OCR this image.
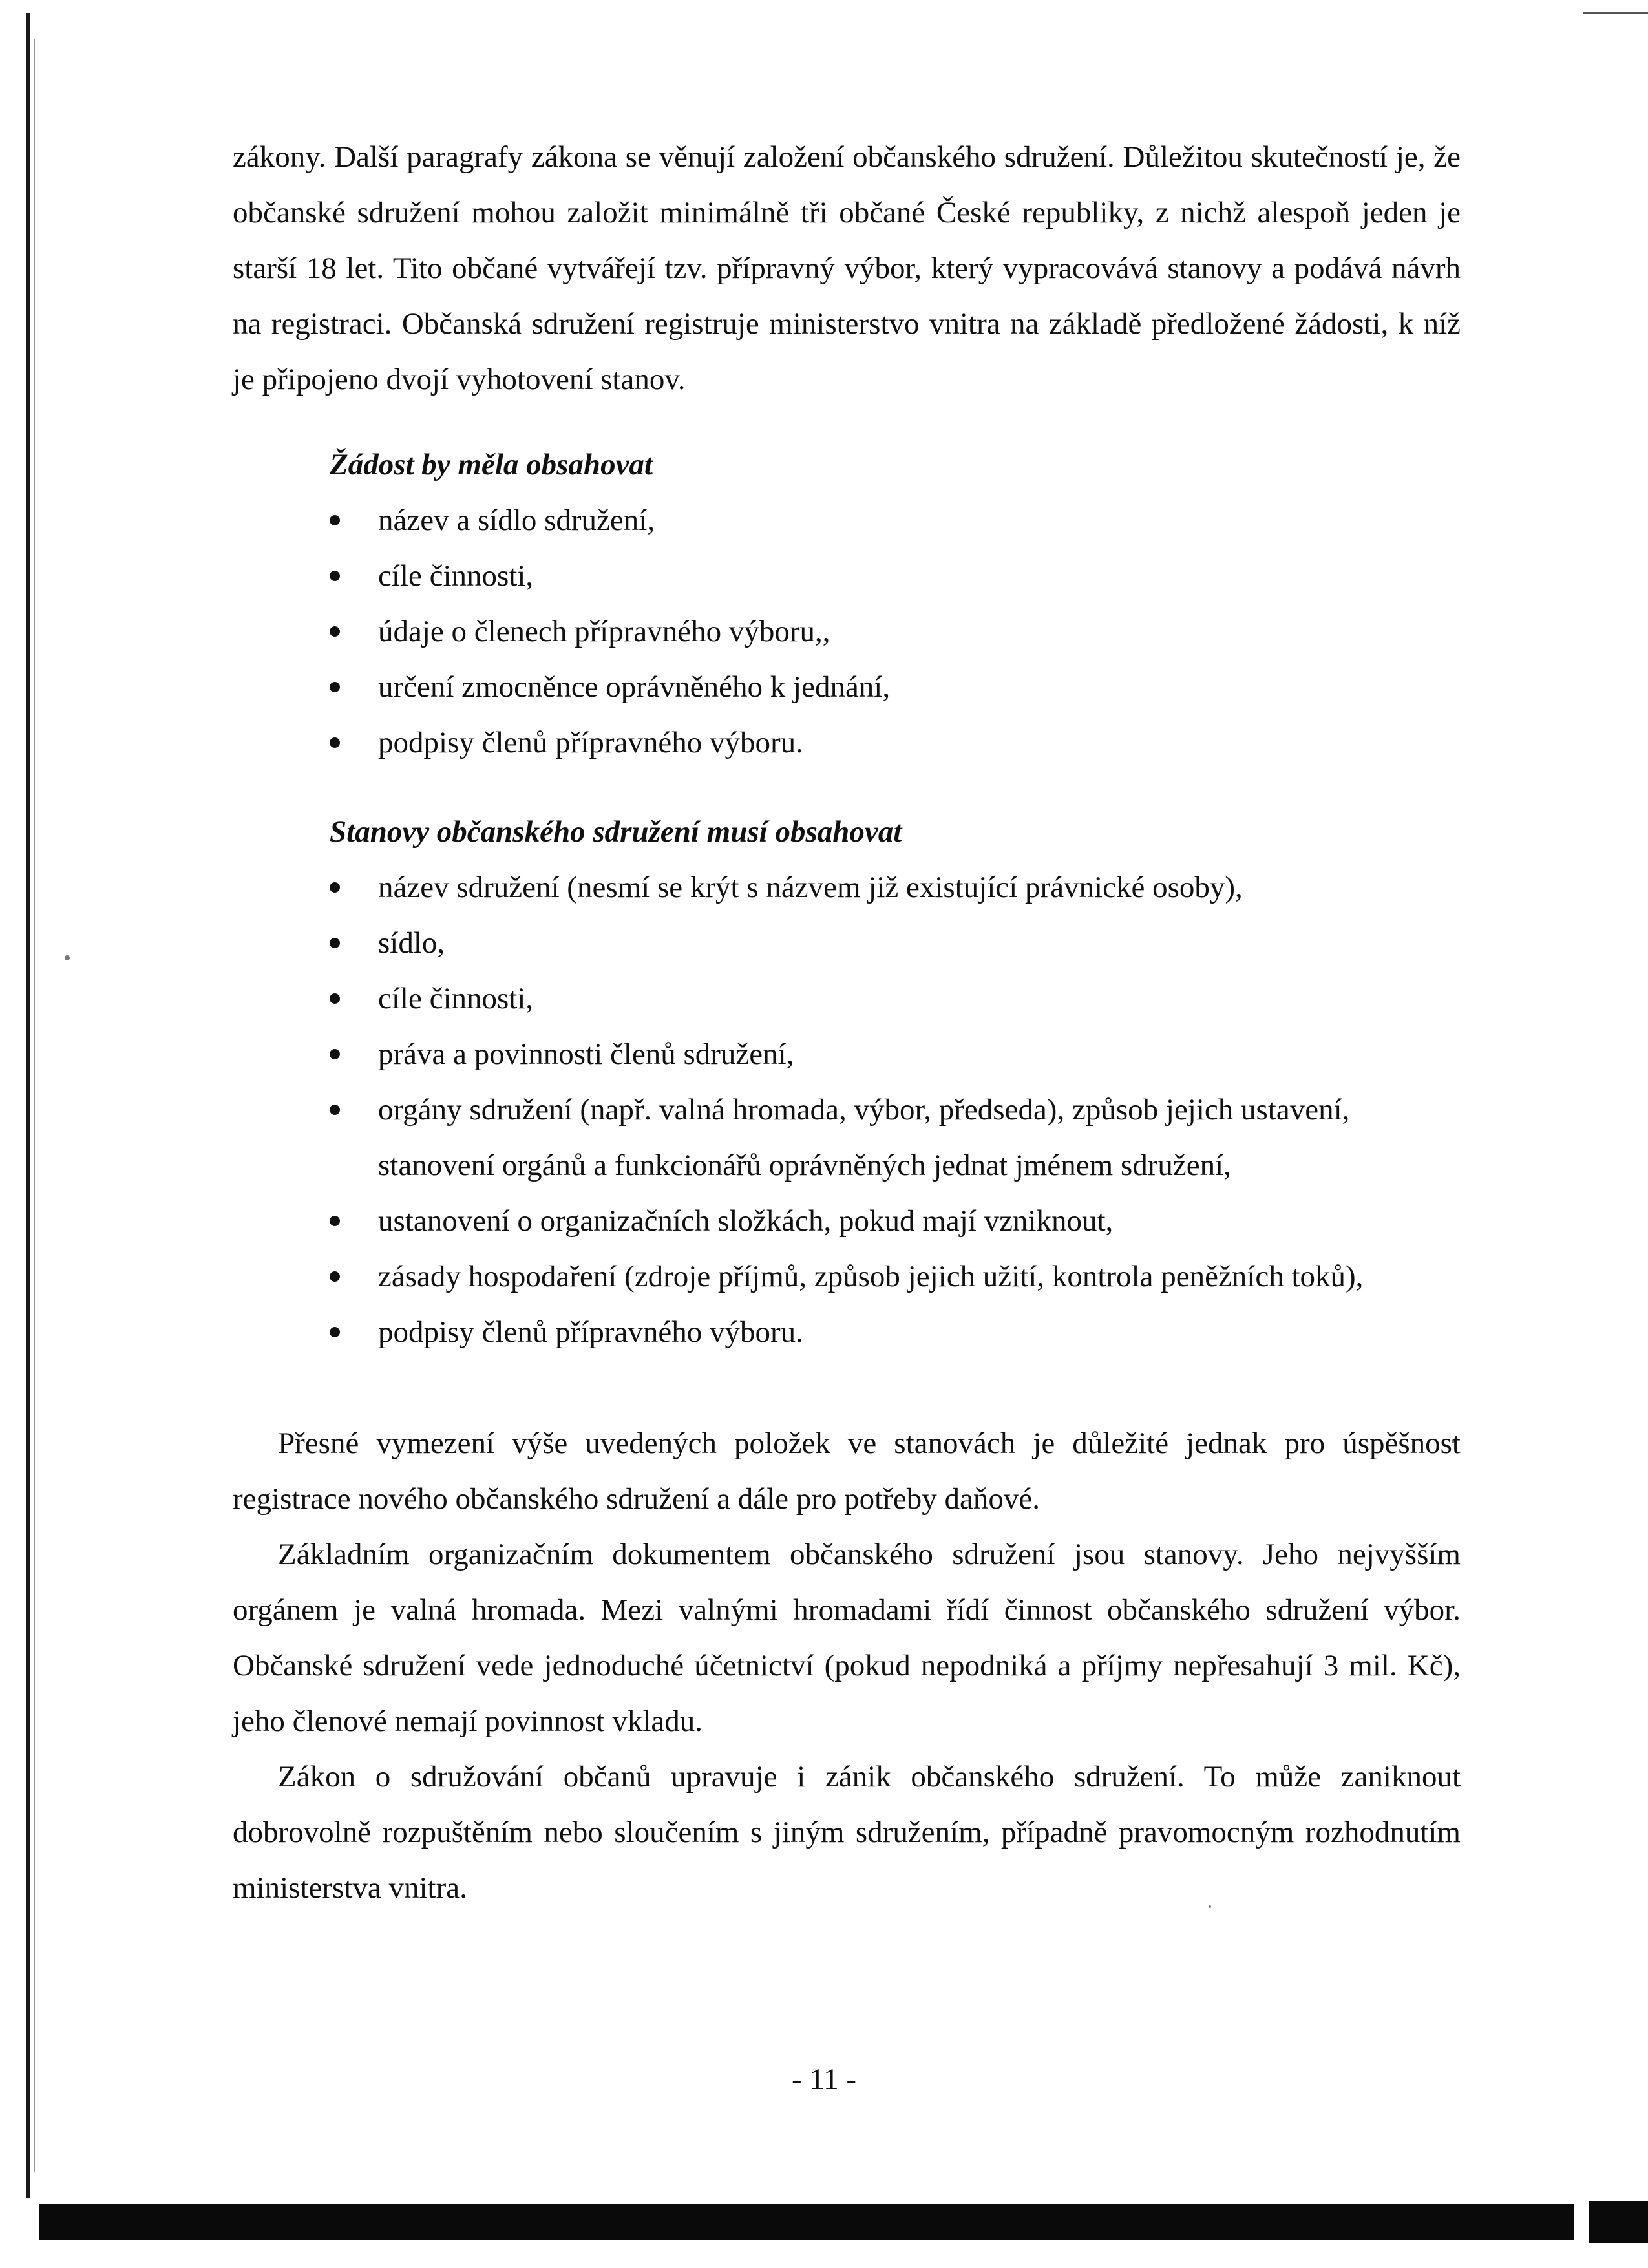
zákony. Další paragrafy zákona se věnují založení občanského sdružení. Důležitou skutečností je, že občanské sdružení mohou založit minimálně tři občané České republiky, z nichž alespoň jeden je starší 18 let. Tito občané vytvářejí tzv. přípravný výbor, který vypracovává stanovy a podává návrh na registraci. Občanská sdružení registruje ministerstvo vnitra na základě předložené žádosti, k níž je připojeno dvojí vyhotovení stanov.

Žádost by měla obsahovat

název a sídlo sdružení,
cíle činnosti,
údaje o členech přípravného výboru,,
určení zmocněnce oprávněného k jednání,
podpisy členů přípravného výboru.

Stanovy občanského sdružení musí obsahovat

název sdružení (nesmí se krýt s názvem již existující právnické osoby),
sídlo,
cíle činnosti,
práva a povinnosti členů sdružení,
orgány sdružení (např. valná hromada, výbor, předseda), způsob jejich ustavení, stanovení orgánů a funkcionářů oprávněných jednat jménem sdružení,
ustanovení o organizačních složkách, pokud mají vzniknout,
zásady hospodaření (zdroje příjmů, způsob jejich užití, kontrola peněžních toků),
podpisy členů přípravného výboru.

Přesné vymezení výše uvedených položek ve stanovách je důležité jednak pro úspěšnost registrace nového občanského sdružení a dále pro potřeby daňové.

Základním organizačním dokumentem občanského sdružení jsou stanovy. Jeho nejvyšším orgánem je valná hromada. Mezi valnými hromadami řídí činnost občanského sdružení výbor. Občanské sdružení vede jednoduché účetnictví (pokud nepodniká a příjmy nepřesahují 3 mil. Kč), jeho členové nemají povinnost vkladu.

Zákon o sdružování občanů upravuje i zánik občanského sdružení. To může zaniknout dobrovolně rozpuštěním nebo sloučením s jiným sdružením, případně pravomocným rozhodnutím ministerstva vnitra.

- 11 -
